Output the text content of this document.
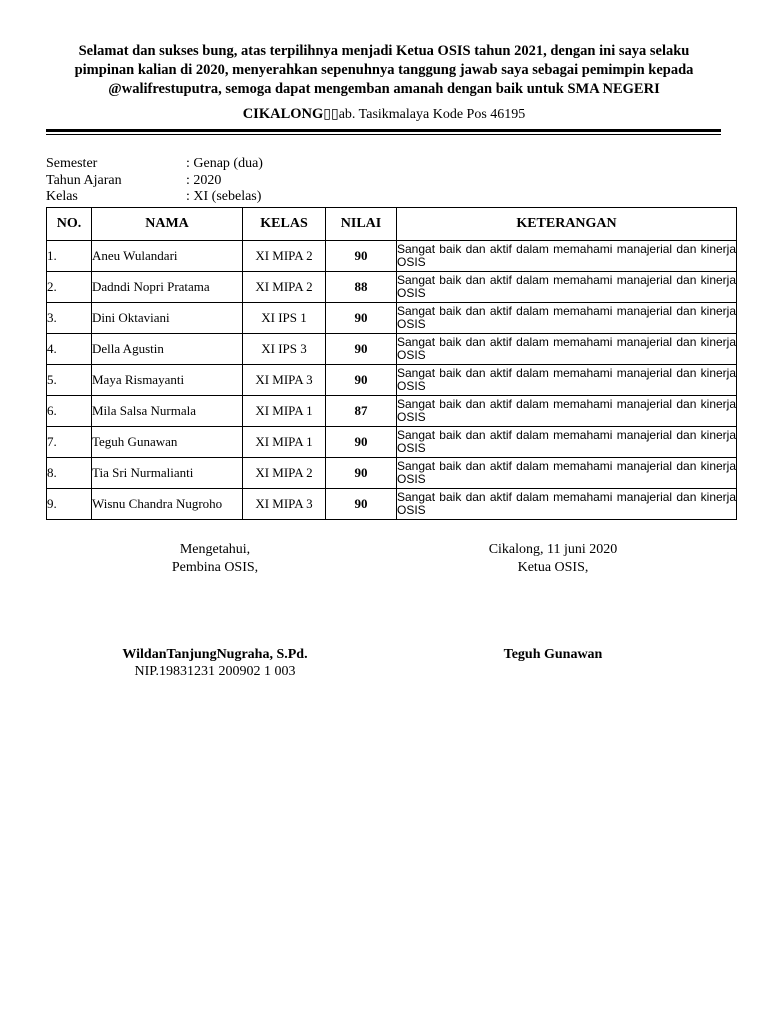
Selamat dan sukses bung, atas terpilihnya menjadi Ketua OSIS tahun 2021, dengan ini saya selaku

pimpinan kalian di 2020, menyerahkan sepenuhnya tanggung jawab saya sebagai pemimpin kepada

@walifrestuputra, semoga dapat mengemban amanah dengan baik untuk SMA NEGERI

CIKALONG▯▯ab. Tasikmalaya Kode Pos 46195
Semester	: Genap (dua)
Tahun Ajaran	: 2020
Kelas	: XI (sebelas)
NO.	NAMA	KELAS	NILAI	KETERANGAN
1.	Aneu Wulandari	XI MIPA 2	90	Sangat baik dan aktif dalam memahami manajerial dan kinerja OSIS
2.	Dadndi Nopri Pratama	XI MIPA 2	88	Sangat baik dan aktif dalam memahami manajerial dan kinerja OSIS
3.	Dini Oktaviani	XI IPS 1	90	Sangat baik dan aktif dalam memahami manajerial dan kinerja OSIS
4.	Della Agustin	XI IPS 3	90	Sangat baik dan aktif dalam memahami manajerial dan kinerja OSIS
5.	Maya Rismayanti	XI MIPA 3	90	Sangat baik dan aktif dalam memahami manajerial dan kinerja OSIS
6.	Mila Salsa Nurmala	XI MIPA 1	87	Sangat baik dan aktif dalam memahami manajerial dan kinerja OSIS
7.	Teguh Gunawan	XI MIPA 1	90	Sangat baik dan aktif dalam memahami manajerial dan kinerja OSIS
8.	Tia Sri Nurmalianti	XI MIPA 2	90	Sangat baik dan aktif dalam memahami manajerial dan kinerja OSIS
9.	Wisnu Chandra Nugroho	XI MIPA 3	90	Sangat baik dan aktif dalam memahami manajerial dan kinerja OSIS
Mengetahui,
Pembina OSIS,
Cikalong, 11 juni 2020
Ketua OSIS,
WildanTanjungNugraha, S.Pd.
NIP.19831231 200902 1 003
Teguh Gunawan
